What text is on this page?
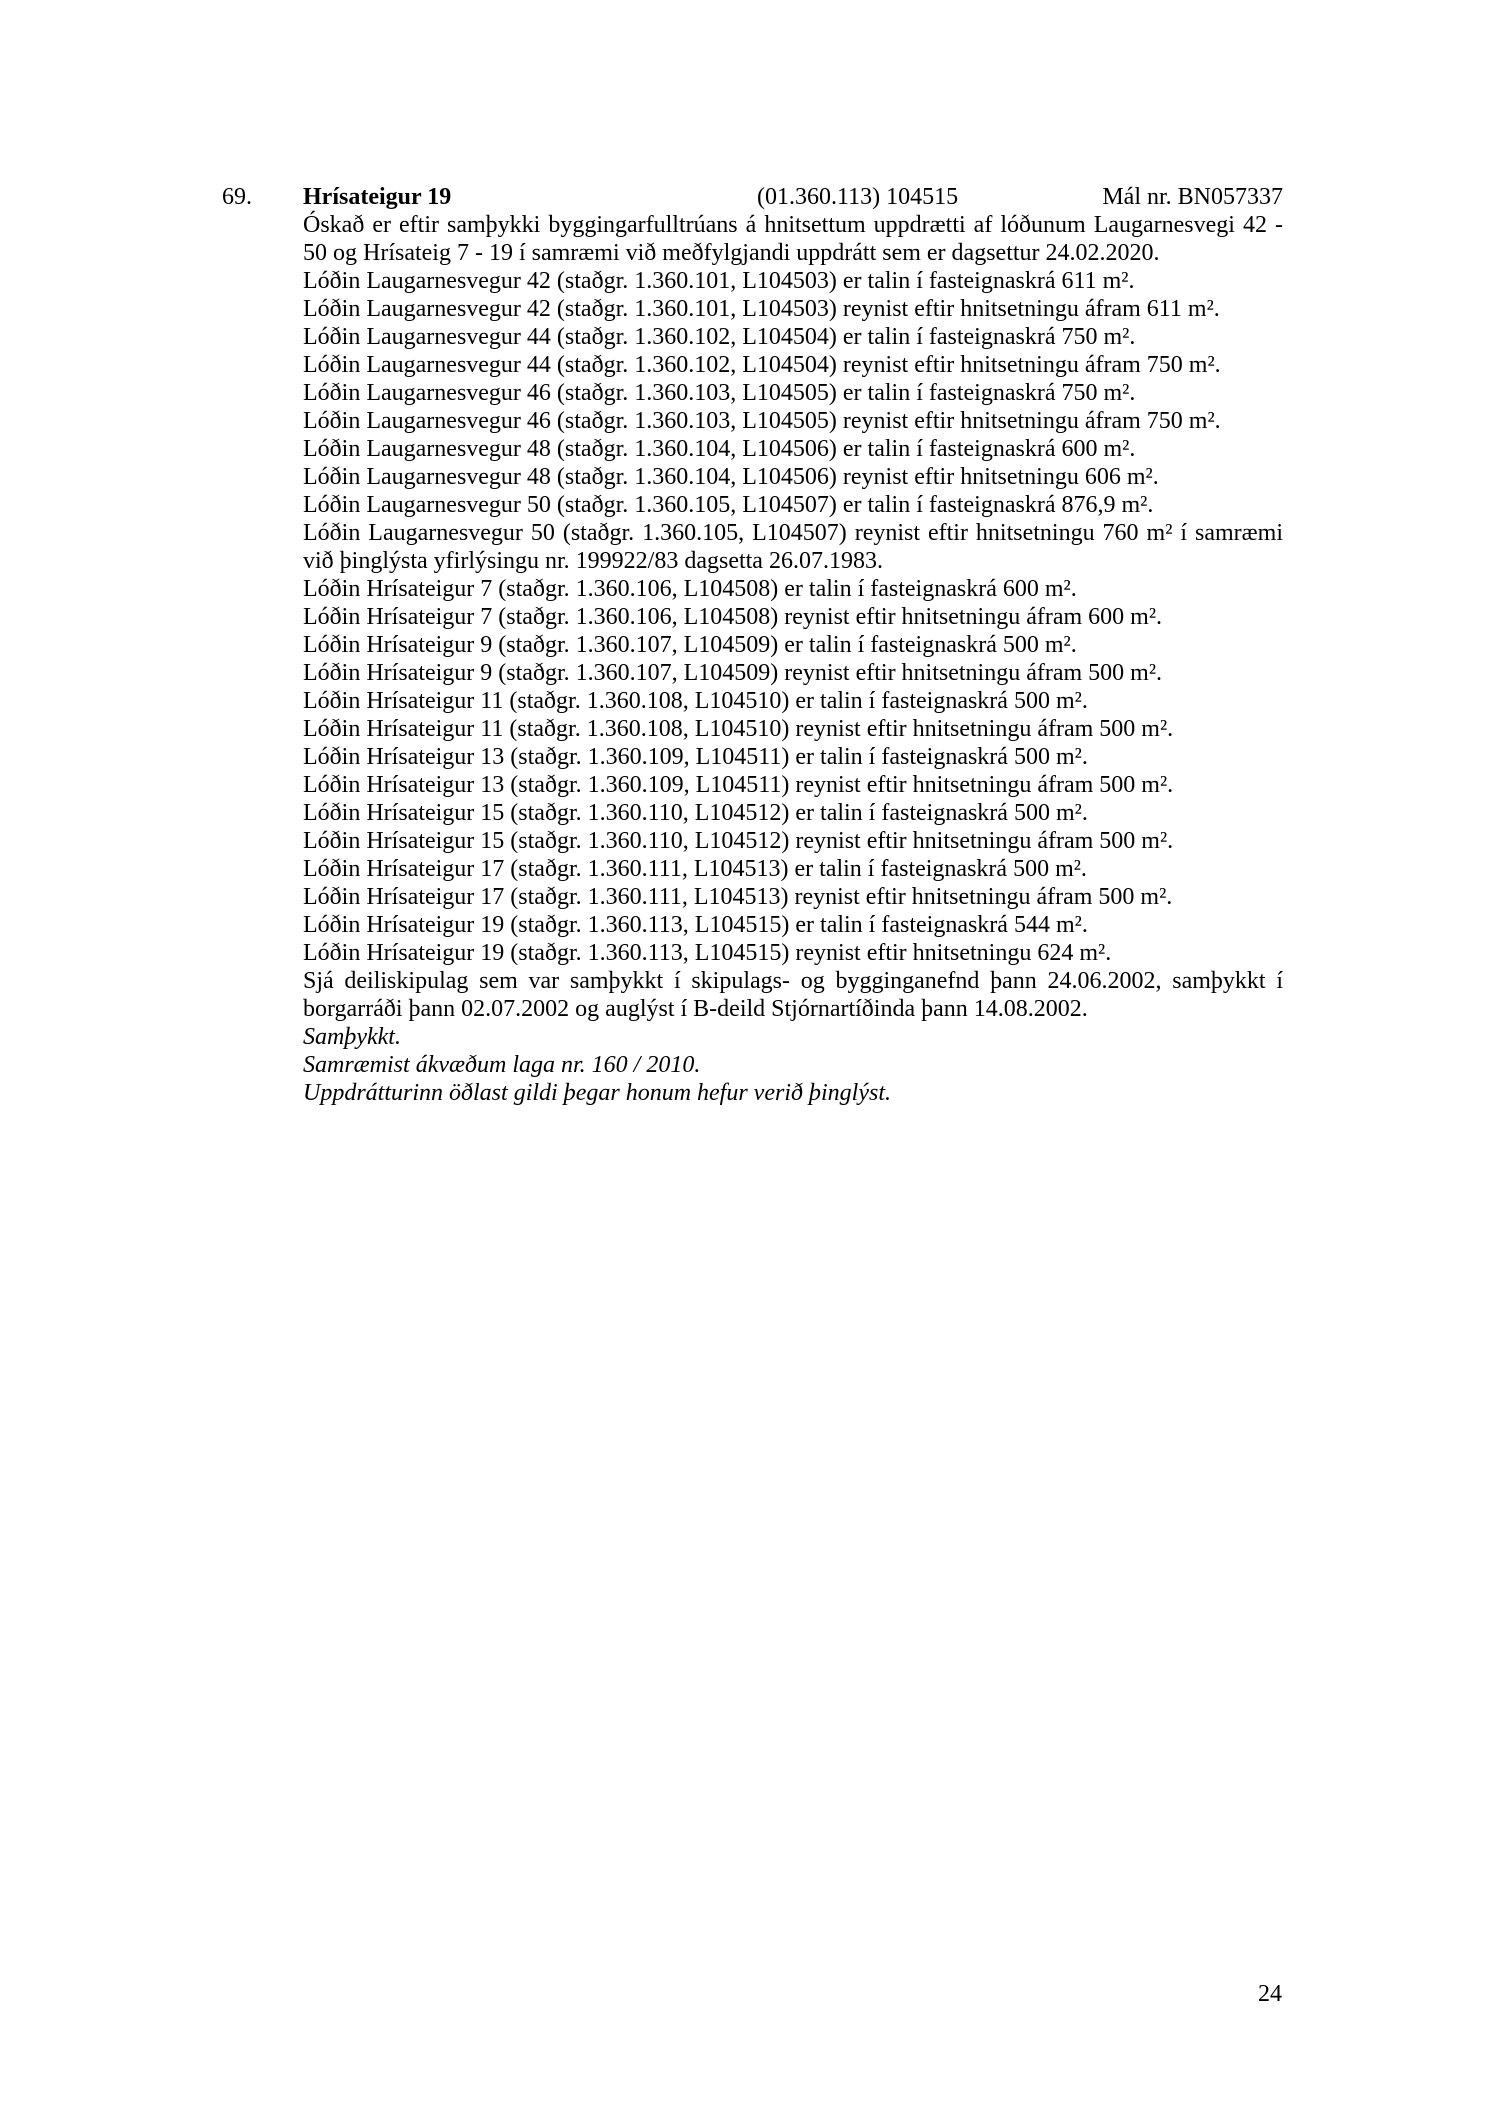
69. Hrísateigur 19	(01.360.113) 104515	Mál nr. BN057337

Óskað er eftir samþykki byggingarfulltrúans á hnitsettum uppdrætti af lóðunum Laugarnesvegi 42 - 50 og Hrísateig 7 - 19 í samræmi við meðfylgjandi uppdrátt sem er dagsettur 24.02.2020.

Lóðin Laugarnesvegur 42 (staðgr. 1.360.101, L104503) er talin í fasteignaskrá 611 m².

Lóðin Laugarnesvegur 42 (staðgr. 1.360.101, L104503) reynist eftir hnitsetningu áfram 611 m².

Lóðin Laugarnesvegur 44 (staðgr. 1.360.102, L104504) er talin í fasteignaskrá 750 m².

Lóðin Laugarnesvegur 44 (staðgr. 1.360.102, L104504) reynist eftir hnitsetningu áfram 750 m².

Lóðin Laugarnesvegur 46 (staðgr. 1.360.103, L104505) er talin í fasteignaskrá 750 m².

Lóðin Laugarnesvegur 46 (staðgr. 1.360.103, L104505) reynist eftir hnitsetningu áfram 750 m².

Lóðin Laugarnesvegur 48 (staðgr. 1.360.104, L104506) er talin í fasteignaskrá 600 m².

Lóðin Laugarnesvegur 48 (staðgr. 1.360.104, L104506) reynist eftir hnitsetningu 606 m².

Lóðin Laugarnesvegur 50 (staðgr. 1.360.105, L104507) er talin í fasteignaskrá 876,9 m².

Lóðin Laugarnesvegur 50 (staðgr. 1.360.105, L104507) reynist eftir hnitsetningu 760 m² í samræmi við þinglýsta yfirlýsingu nr. 199922/83 dagsetta 26.07.1983.

Lóðin Hrísateigur 7 (staðgr. 1.360.106, L104508) er talin í fasteignaskrá 600 m².

Lóðin Hrísateigur 7 (staðgr. 1.360.106, L104508) reynist eftir hnitsetningu áfram 600 m².

Lóðin Hrísateigur 9 (staðgr. 1.360.107, L104509) er talin í fasteignaskrá 500 m².

Lóðin Hrísateigur 9 (staðgr. 1.360.107, L104509) reynist eftir hnitsetningu áfram 500 m².

Lóðin Hrísateigur 11 (staðgr. 1.360.108, L104510) er talin í fasteignaskrá 500 m².

Lóðin Hrísateigur 11 (staðgr. 1.360.108, L104510) reynist eftir hnitsetningu áfram 500 m².

Lóðin Hrísateigur 13 (staðgr. 1.360.109, L104511) er talin í fasteignaskrá 500 m².

Lóðin Hrísateigur 13 (staðgr. 1.360.109, L104511) reynist eftir hnitsetningu áfram 500 m².

Lóðin Hrísateigur 15 (staðgr. 1.360.110, L104512) er talin í fasteignaskrá 500 m².

Lóðin Hrísateigur 15 (staðgr. 1.360.110, L104512) reynist eftir hnitsetningu áfram 500 m².

Lóðin Hrísateigur 17 (staðgr. 1.360.111, L104513) er talin í fasteignaskrá 500 m².

Lóðin Hrísateigur 17 (staðgr. 1.360.111, L104513) reynist eftir hnitsetningu áfram 500 m².

Lóðin Hrísateigur 19 (staðgr. 1.360.113, L104515) er talin í fasteignaskrá 544 m².

Lóðin Hrísateigur 19 (staðgr. 1.360.113, L104515) reynist eftir hnitsetningu 624 m².

Sjá deiliskipulag sem var samþykkt í skipulags- og bygginganefnd þann 24.06.2002, samþykkt í borgarráði þann 02.07.2002 og auglýst í B-deild Stjórnartíðinda þann 14.08.2002.

Samþykkt.

Samræmist ákvæðum laga nr. 160 / 2010.

Uppdrátturinn öðlast gildi þegar honum hefur verið þinglýst.

24
